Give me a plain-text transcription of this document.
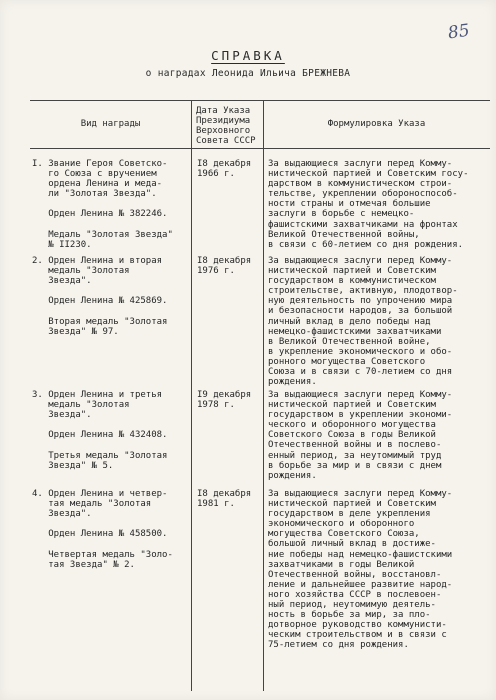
85
СПРАВКА
о наградах Леонида Ильича БРЕЖНЕВА
Вид награды
Дата Указа
Президиума
Верховного
Совета СССР
Формулировка Указа
I. Звание Героя Советско-
го Союза с вручением
ордена Ленина и меда-
ли "Золотая Звезда".

Орден Ленина № 382246.

Медаль "Золотая Звезда"
№ II230.
I8 декабря
1966 г.
За выдающиеся заслуги перед Комму-
нистической партией и Советским госу-
дарством в коммунистическом строи-
тельстве, укреплении обороноспособ-
ности страны и отмечая большие
заслуги в борьбе с немецко-
фашистскими захватчиками на фронтах
Великой Отечественной войны,
в связи с 60-летием со дня рождения.
2. Орден Ленина и вторая
медаль "Золотая
Звезда".

Орден Ленина № 425869.

Вторая медаль "Золотая
Звезда" № 97.
I8 декабря
1976 г.
За выдающиеся заслуги перед Комму-
нистической партией и Советским
государством в коммунистическом
строительстве, активную, плодотвор-
ную деятельность по упрочению мира
и безопасности народов, за большой
личный вклад в дело победы над
немецко-фашистскими захватчиками
в Великой Отечественной войне,
в укрепление экономического и обо-
ронного могущества Советского
Союза и в связи с 70-летием со дня
рождения.
3. Орден Ленина и третья
медаль "Золотая
Звезда".

Орден Ленина № 432408.

Третья медаль "Золотая
Звезда" № 5.
I9 декабря
1978 г.
За выдающиеся заслуги перед Комму-
нистической партией и Советским
государством в укреплении экономи-
ческого и оборонного могущества
Советского Союза в годы Великой
Отечественной войны и в послево-
енный период, за неутомимый труд
в борьбе за мир и в связи с днем
рождения.
4. Орден Ленина и четвер-
тая медаль "Золотая
Звезда".

Орден Ленина № 458500.

Четвертая медаль "Золо-
тая Звезда" № 2.
I8 декабря
1981 г.
За выдающиеся заслуги перед Комму-
нистической партией и Советским
государством в деле укрепления
экономического и оборонного
могущества Советского Союза,
большой личный вклад в достиже-
ние победы над немецко-фашистскими
захватчиками в годы Великой
Отечественной войны, восстановл-
ление и дальнейшее развитие народ-
ного хозяйства СССР в послевоен-
ный период, неутомимую деятель-
ность в борьбе за мир, за пло-
дотворное руководство коммунисти-
ческим строительством и в связи с
75-летием со дня рождения.
